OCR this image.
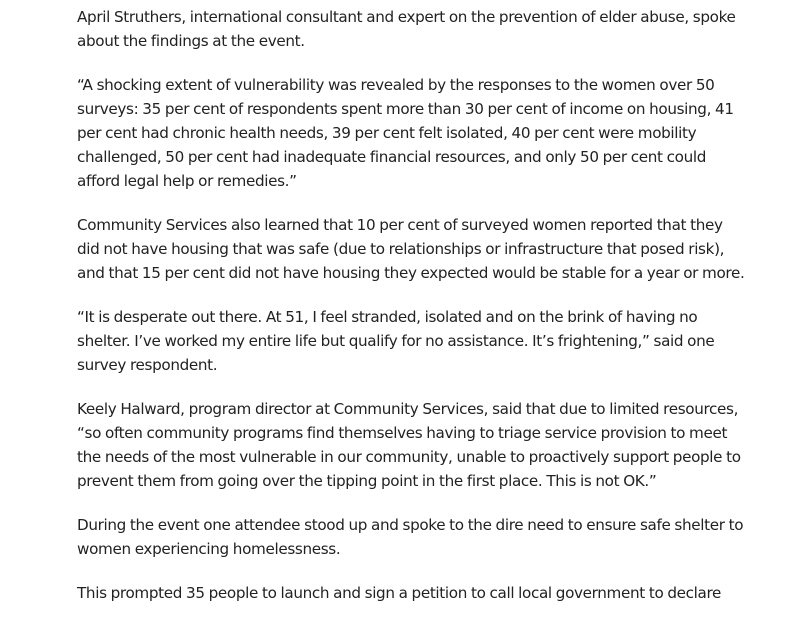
April Struthers, international consultant and expert on the prevention of elder abuse, spoke about the findings at the event.

“A shocking extent of vulnerability was revealed by the responses to the women over 50 surveys: 35 per cent of respondents spent more than 30 per cent of income on housing, 41 per cent had chronic health needs, 39 per cent felt isolated, 40 per cent were mobility challenged, 50 per cent had inadequate financial resources, and only 50 per cent could afford legal help or remedies.”

Community Services also learned that 10 per cent of surveyed women reported that they did not have housing that was safe (due to relationships or infrastructure that posed risk), and that 15 per cent did not have housing they expected would be stable for a year or more.

“It is desperate out there. At 51, I feel stranded, isolated and on the brink of having no shelter. I’ve worked my entire life but qualify for no assistance. It’s frightening,” said one survey respondent.

Keely Halward, program director at Community Services, said that due to limited resources, “so often community programs find themselves having to triage service provision to meet the needs of the most vulnerable in our community, unable to proactively support people to prevent them from going over the tipping point in the first place. This is not OK.”

During the event one attendee stood up and spoke to the dire need to ensure safe shelter to women experiencing homelessness.

This prompted 35 people to launch and sign a petition to call local government to declare
